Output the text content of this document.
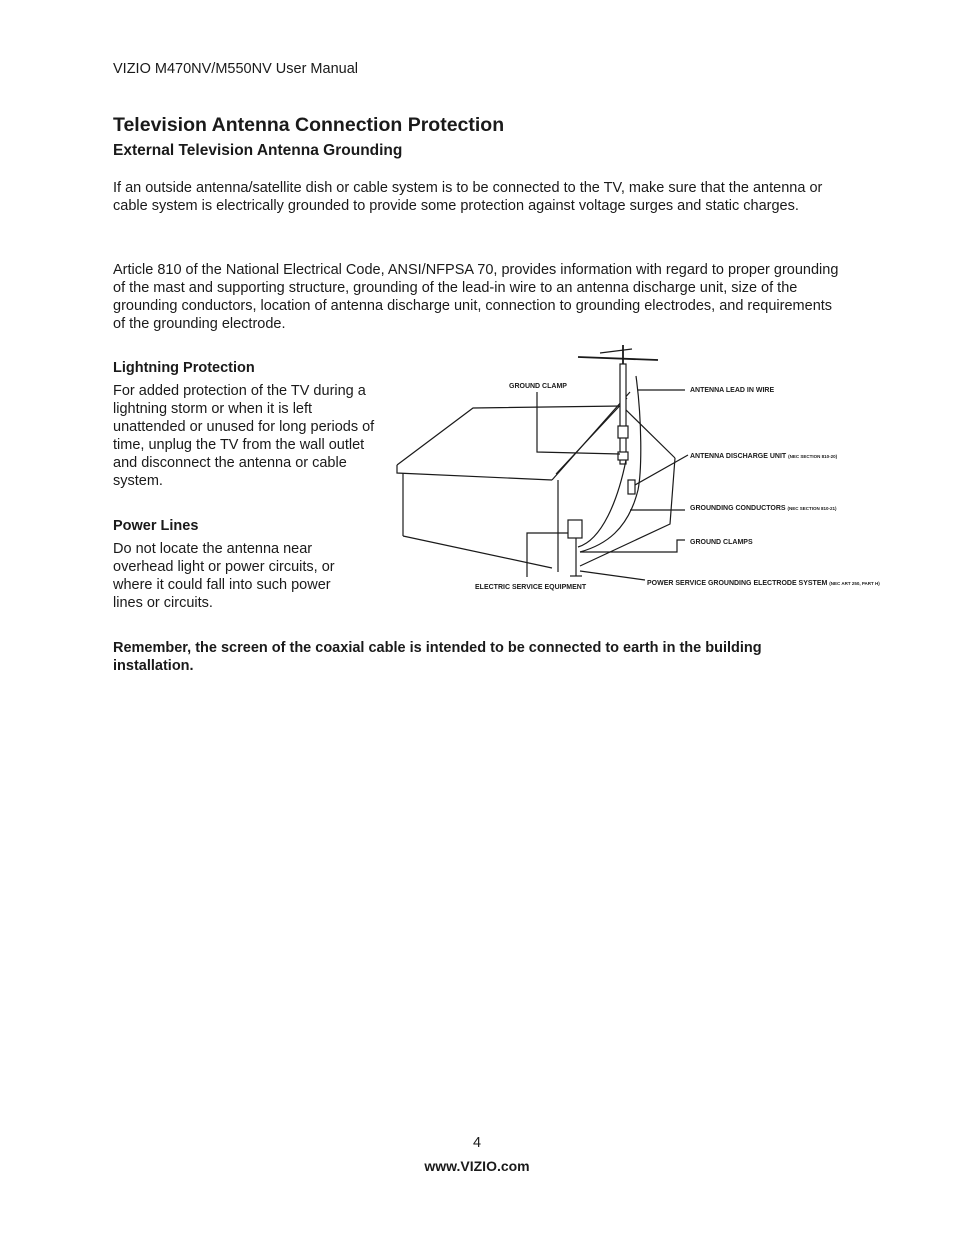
VIZIO M470NV/M550NV User Manual
Television Antenna Connection Protection
External Television Antenna Grounding
If an outside antenna/satellite dish or cable system is to be connected to the TV, make sure that the antenna or cable system is electrically grounded to provide some protection against voltage surges and static charges.
Article 810 of the National Electrical Code, ANSI/NFPSA 70, provides information with regard to proper grounding of the mast and supporting structure, grounding of the lead-in wire to an antenna discharge unit, size of the grounding conductors, location of antenna discharge unit, connection to grounding electrodes, and requirements of the grounding electrode.
Lightning Protection
For added protection of the TV during a lightning storm or when it is left unattended or unused for long periods of time, unplug the TV from the wall outlet and disconnect the antenna or cable system.
Power Lines
Do not locate the antenna near overhead light or power circuits, or where it could fall into such power lines or circuits.
GROUND CLAMP
ANTENNA LEAD IN WIRE
ANTENNA DISCHARGE UNIT (NEC SECTION 810-20)
GROUNDING CONDUCTORS (NEC SECTION 810-21)
GROUND CLAMPS
ELECTRIC SERVICE EQUIPMENT
POWER SERVICE GROUNDING ELECTRODE SYSTEM (NEC ART 250, PART H)
Remember, the screen of the coaxial cable is intended to be connected to earth in the building installation.
4
www.VIZIO.com
